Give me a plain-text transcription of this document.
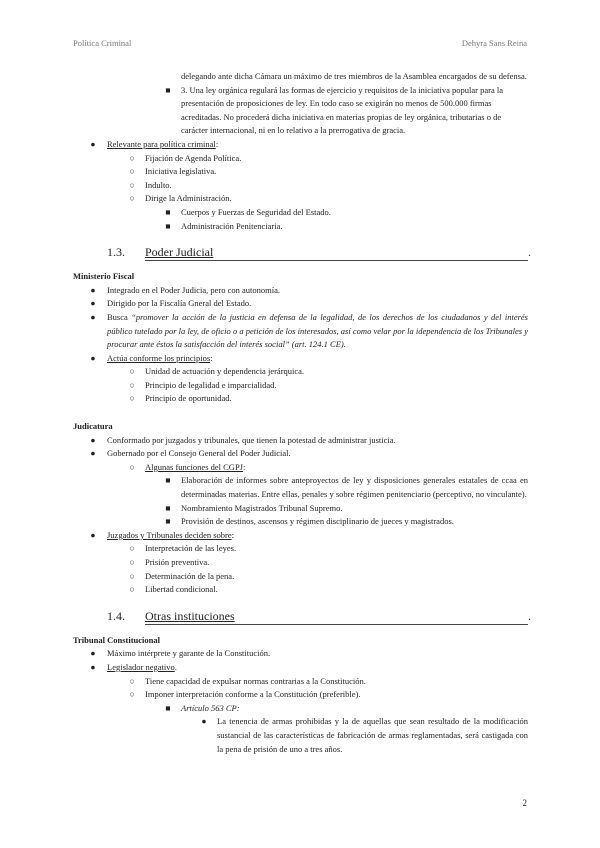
Política Criminal	Dehyra Sans Reina
delegando ante dicha Cámara un máximo de tres miembros de la Asamblea encargados de su defensa.
■ 3. Una ley orgánica regulará las formas de ejercicio y requisitos de la iniciativa popular para la presentación de proposiciones de ley. En todo caso se exigirán no menos de 500.000 firmas acreditadas. No procederá dicha iniciativa en materias propias de ley orgánica, tributarias o de carácter internacional, ni en lo relativo a la prerrogativa de gracia.
● Relevante para política criminal:
○ Fijación de Agenda Política.
○ Iniciativa legislativa.
○ Indulto.
○ Dirige la Administración.
■ Cuerpos y Fuerzas de Seguridad del Estado.
■ Administración Penitenciaria.
1.3. Poder Judicial	.
Ministerio Fiscal
● Integrado en el Poder Judicia, pero con autonomía.
● Dirigido por la Fiscalía Gneral del Estado.
● Busca “promover la acción de la justicia en defensa de la legalidad, de los derechos de los ciudadanos y del interés público tutelado por la ley, de oficio o a petición de los interesados, así como velar por la idependencia de los Tribunales y procurar ante éstos la satisfacción del interés social” (art. 124.1 CE).
● Actúa conforme los principios:
○ Unidad de actuación y dependencia jerárquica.
○ Principio de legalidad e imparcialidad.
○ Principio de oportunidad.
Judicatura
● Conformado por juzgados y tribunales, que tienen la potestad de administrar justicia.
● Gobernado por el Consejo General del Poder Judicial.
○ Algunas funciones del CGPJ:
■ Elaboración de informes sobre anteproyectos de ley y disposiciones generales estatales de ccaa en determinadas materias. Entre ellas, penales y sobre régimen penitenciario (perceptivo, no vinculante).
■ Nombramiento Magistrados Tribunal Supremo.
■ Provisión de destinos, ascensos y régimen disciplinario de jueces y magistrados.
● Juzgados y Tribunales deciden sobre:
○ Interpretación de las leyes.
○ Prisión preventiva.
○ Determinación de la pena.
○ Libertad condicional.
1.4. Otras instituciones	.
Tribunal Constitucional
● Máximo intérprete y garante de la Constitución.
● Legislador negativo.
○ Tiene capacidad de expulsar normas contrarias a la Constitución.
○ Imponer interpretación conforme a la Constitución (preferible).
■ Artículo 563 CP:
● La tenencia de armas prohibidas y la de aquellas que sean resultado de la modificación sustancial de las características de fabricación de armas reglamentadas, será castigada con la pena de prisión de uno a tres años.
2
